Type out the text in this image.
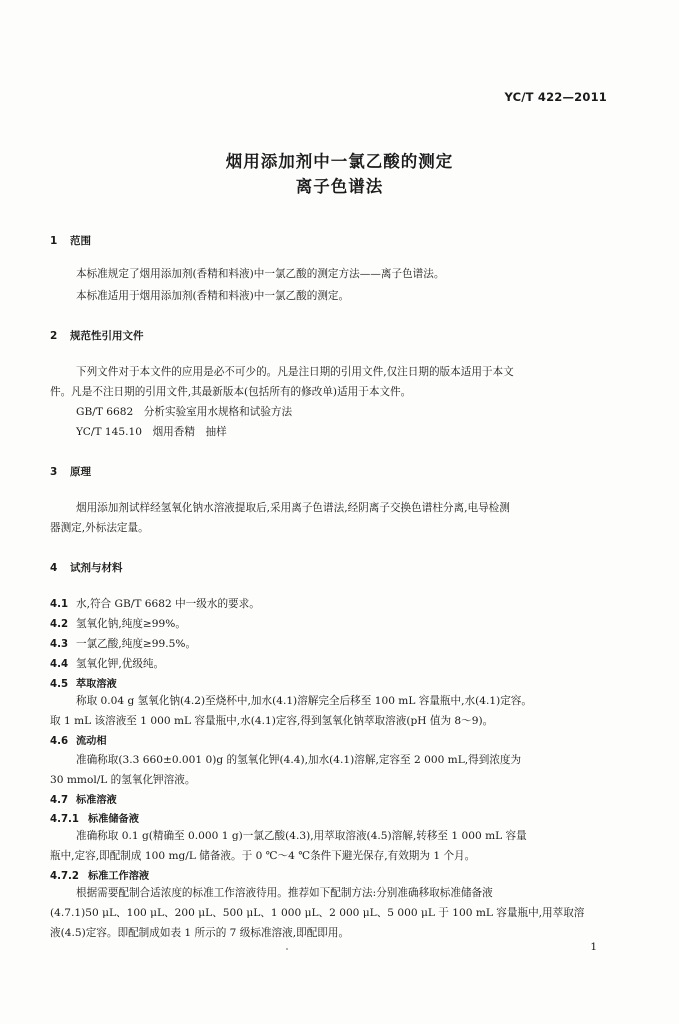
YC/T 422—2011
烟用添加剂中一氯乙酸的测定
离子色谱法
1 范围
本标准规定了烟用添加剂(香精和料液)中一氯乙酸的测定方法——离子色谱法。
本标准适用于烟用添加剂(香精和料液)中一氯乙酸的测定。
2 规范性引用文件
下列文件对于本文件的应用是必不可少的。凡是注日期的引用文件,仅注日期的版本适用于本文
件。凡是不注日期的引用文件,其最新版本(包括所有的修改单)适用于本文件。
GB/T 6682　分析实验室用水规格和试验方法
YC/T 145.10　烟用香精　抽样
3 原理
烟用添加剂试样经氢氧化钠水溶液提取后,采用离子色谱法,经阴离子交换色谱柱分离,电导检测
器测定,外标法定量。
4 试剂与材料
4.1 水,符合 GB/T 6682 中一级水的要求。
4.2 氢氧化钠,纯度≥99%。
4.3 一氯乙酸,纯度≥99.5%。
4.4 氢氧化钾,优级纯。
4.5 萃取溶液
称取 0.04 g 氢氧化钠(4.2)至烧杯中,加水(4.1)溶解完全后移至 100 mL 容量瓶中,水(4.1)定容。
取 1 mL 该溶液至 1 000 mL 容量瓶中,水(4.1)定容,得到氢氧化钠萃取溶液(pH 值为 8～9)。
4.6 流动相
准确称取(3.3 660±0.001 0)g 的氢氧化钾(4.4),加水(4.1)溶解,定容至 2 000 mL,得到浓度为
30 mmol/L 的氢氧化钾溶液。
4.7 标准溶液
4.7.1 标准储备液
准确称取 0.1 g(精确至 0.000 1 g)一氯乙酸(4.3),用萃取溶液(4.5)溶解,转移至 1 000 mL 容量
瓶中,定容,即配制成 100 mg/L 储备液。于 0 ℃～4 ℃条件下避光保存,有效期为 1 个月。
4.7.2 标准工作溶液
根据需要配制合适浓度的标准工作溶液待用。推荐如下配制方法:分别准确移取标准储备液
(4.7.1)50 μL、100 μL、200 μL、500 μL、1 000 μL、2 000 μL、5 000 μL 于 100 mL 容量瓶中,用萃取溶
液(4.5)定容。即配制成如表 1 所示的 7 级标准溶液,即配即用。
1
